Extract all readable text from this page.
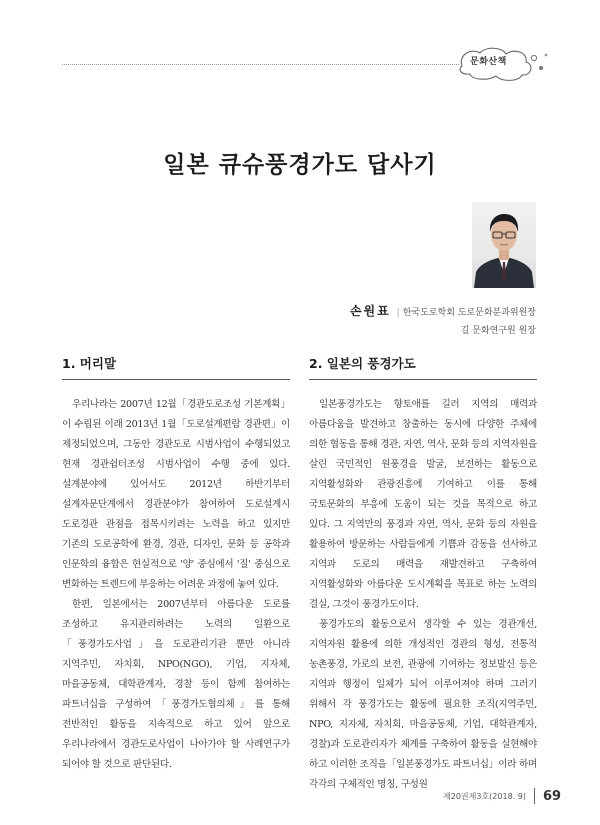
문화산책
일본 큐슈풍경가도 답사기
손원표 | 한국도로학회 도로문화분과위원장
길 문화연구원 원장
1. 머리말

우리나라는 2007년 12월「경관도로조성 기본계획」이 수립된 이래 2013년 1월「도로설계편람 경관편」이 제정되었으며, 그동안 경관도로 시범사업이 수행되었고 현재 경관쉼터조성 시범사업이 수행 중에 있다. 설계분야에 있어서도 2012년 하반기부터 설계자문단계에서 경관분야가 참여하여 도로설계시 도로경관 관점을 접목시키려는 노력을 하고 있지만 기존의 도로공학에 환경, 경관, 디자인, 문화 등 공학과 인문학의 융합은 현실적으로 '양' 중심에서 '질' 중심으로 변화하는 트렌드에 부응하는 어려운 과정에 놓여 있다.

한편, 일본에서는 2007년부터 아름다운 도로를 조성하고 유지관리하려는 노력의 일환으로「풍경가도사업」을 도로관리기관 뿐만 아니라 지역주민, 자치회, NPO(NGO), 기업, 지자체, 마을공동체, 대학관계자, 경찰 등이 함께 참여하는 파트너십을 구성하여「풍경가도협의체」를 통해 전반적인 활동을 지속적으로 하고 있어 앞으로 우리나라에서 경관도로사업이 나아가야 할 사례연구가 되어야 할 것으로 판단된다.

2. 일본의 풍경가도

일본풍경가도는 향토애를 길러 지역의 매력과 아름다움을 발견하고 창출하는 동시에 다양한 주체에 의한 협동을 통해 경관, 자연, 역사, 문화 등의 지역자원을 살린 국민적인 원풍경을 발굴, 보전하는 활동으로 지역활성화와 관광진흥에 기여하고 이를 통해 국토문화의 부흥에 도움이 되는 것을 목적으로 하고 있다. 그 지역만의 풍경과 자연, 역사, 문화 등의 자원을 활용하여 방문하는 사람들에게 기쁨과 감동을 선사하고 지역과 도로의 매력을 재발견하고 구축하여 지역활성화와 아름다운 도시계획을 목표로 하는 노력의 결실, 그것이 풍경가도이다.

풍경가도의 활동으로서 생각할 수 있는 경관개선, 지역자원 활용에 의한 개성적인 경관의 형성, 전통적 농촌풍경, 가로의 보전, 관광에 기여하는 정보발신 등은 지역과 행정이 일체가 되어 이루어져야 하며 그러기 위해서 각 풍경가도는 활동에 필요한 조직(지역주민, NPO, 지자체, 자치회, 마을공동체, 기업, 대학관계자, 경찰)과 도로관리자가 체계를 구축하여 활동을 실현해야 하고 이러한 조직을「일본풍경가도 파트너십」이라 하며 각각의 구체적인 명칭, 구성원

제20권제3호(2018. 9) 69
